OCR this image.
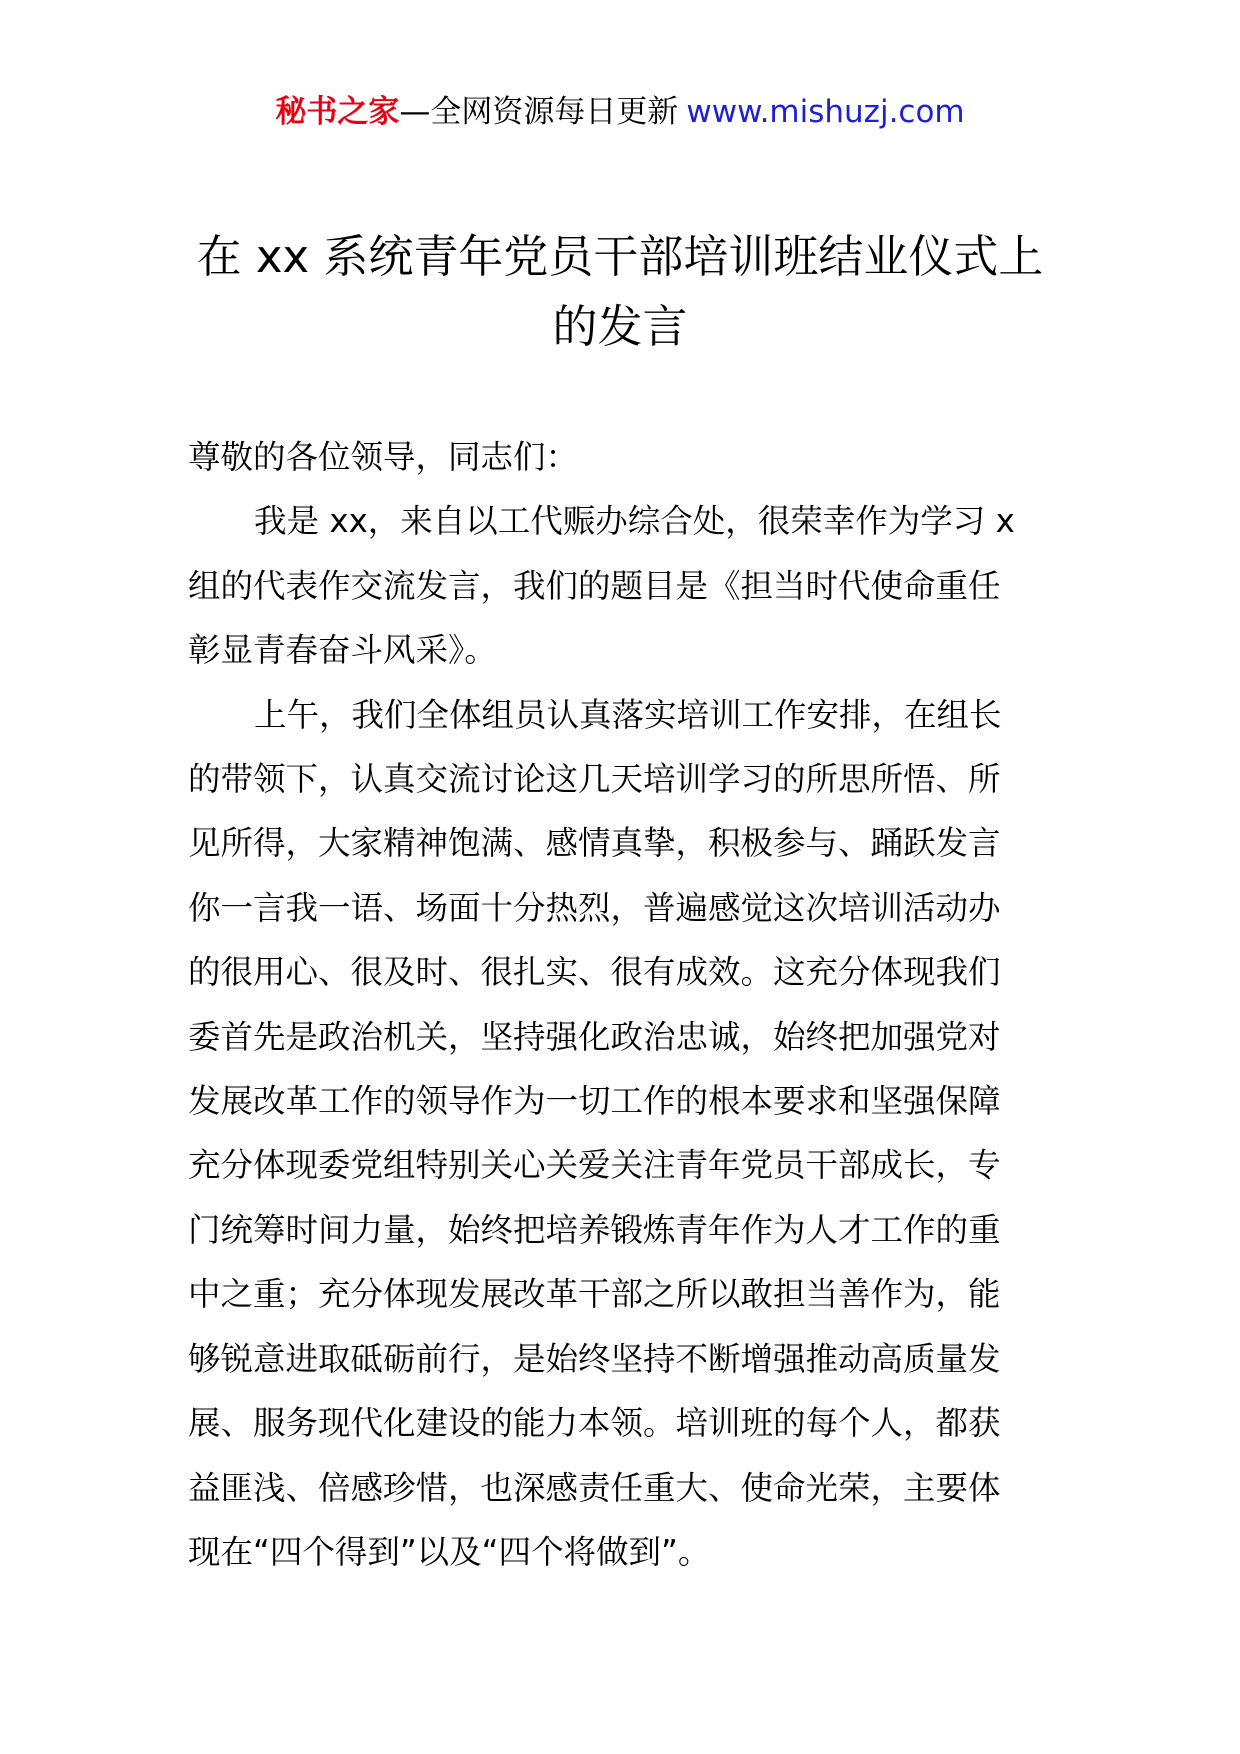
秘书之家—全网资源每日更新 www.mishuzj.com
在 xx 系统青年党员干部培训班结业仪式上
的发言

尊敬的各位领导，同志们：

我是 xx，来自以工代赈办综合处，很荣幸作为学习 x
组的代表作交流发言，我们的题目是《担当时代使命重任
彰显青春奋斗风采》。

上午，我们全体组员认真落实培训工作安排，在组长
的带领下，认真交流讨论这几天培训学习的所思所悟、所
见所得，大家精神饱满、感情真挚，积极参与、踊跃发言
你一言我一语、场面十分热烈，普遍感觉这次培训活动办
的很用心、很及时、很扎实、很有成效。这充分体现我们
委首先是政治机关，坚持强化政治忠诚，始终把加强党对
发展改革工作的领导作为一切工作的根本要求和坚强保障
充分体现委党组特别关心关爱关注青年党员干部成长，专
门统筹时间力量，始终把培养锻炼青年作为人才工作的重
中之重；充分体现发展改革干部之所以敢担当善作为，能
够锐意进取砥砺前行，是始终坚持不断增强推动高质量发
展、服务现代化建设的能力本领。培训班的每个人，都获
益匪浅、倍感珍惜，也深感责任重大、使命光荣，主要体
现在“四个得到”以及“四个将做到”。
